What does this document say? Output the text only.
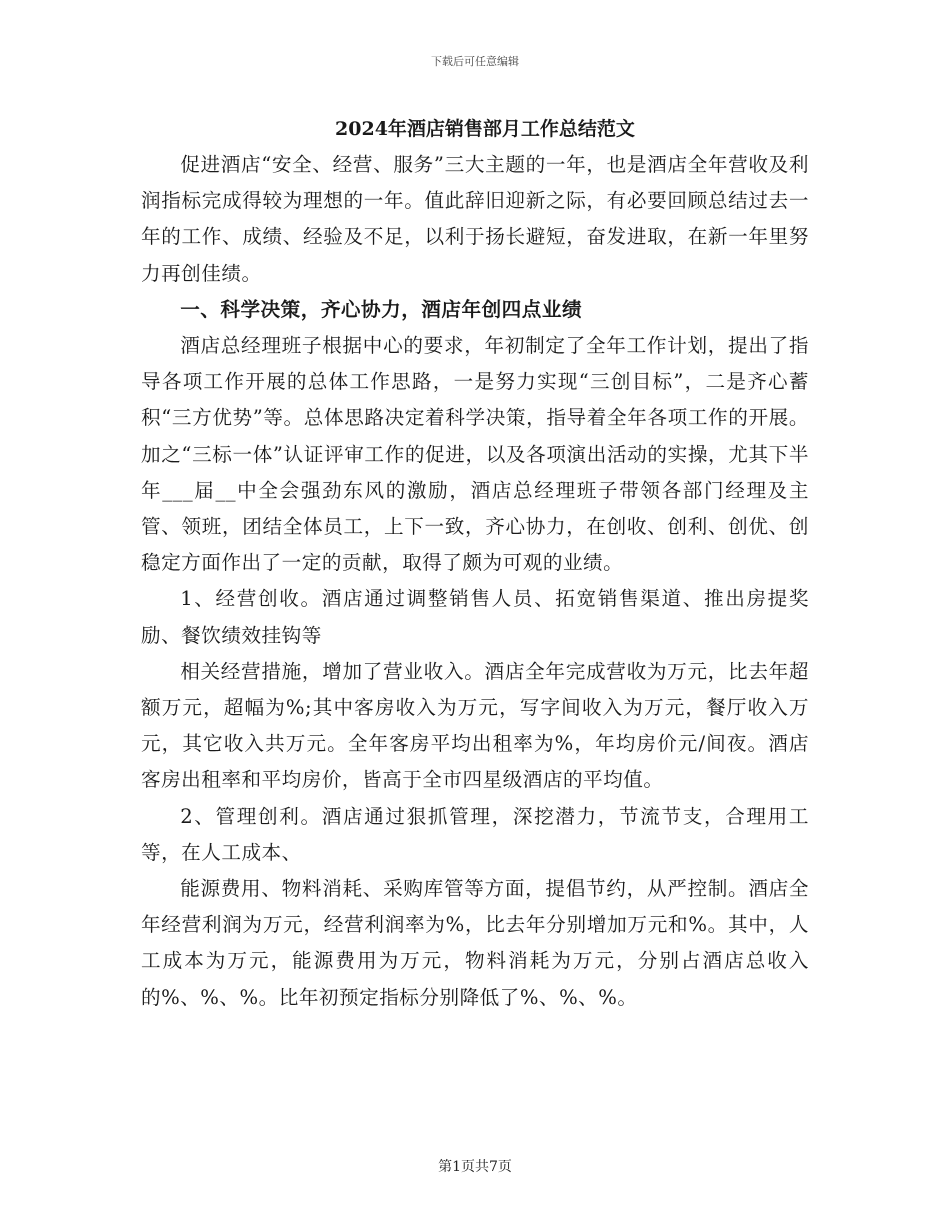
下载后可任意编辑
2024年酒店销售部月工作总结范文

促进酒店“安全、经营、服务”三大主题的一年，也是酒店全年营收及利润指标完成得较为理想的一年。值此辞旧迎新之际，有必要回顾总结过去一年的工作、成绩、经验及不足，以利于扬长避短，奋发进取，在新一年里努力再创佳绩。

一、科学决策，齐心协力，酒店年创四点业绩

酒店总经理班子根据中心的要求，年初制定了全年工作计划，提出了指导各项工作开展的总体工作思路，一是努力实现“三创目标”，二是齐心蓄积“三方优势”等。总体思路决定着科学决策，指导着全年各项工作的开展。加之“三标一体”认证评审工作的促进，以及各项演出活动的实操，尤其下半年___届__中全会强劲东风的激励，酒店总经理班子带领各部门经理及主管、领班，团结全体员工，上下一致，齐心协力，在创收、创利、创优、创稳定方面作出了一定的贡献，取得了颇为可观的业绩。

1、经营创收。酒店通过调整销售人员、拓宽销售渠道、推出房提奖励、餐饮绩效挂钩等

相关经营措施，增加了营业收入。酒店全年完成营收为万元，比去年超额万元，超幅为%;其中客房收入为万元，写字间收入为万元，餐厅收入万元，其它收入共万元。全年客房平均出租率为%，年均房价元/间夜。酒店客房出租率和平均房价，皆高于全市四星级酒店的平均值。

2、管理创利。酒店通过狠抓管理，深挖潜力，节流节支，合理用工等，在人工成本、

能源费用、物料消耗、采购库管等方面，提倡节约，从严控制。酒店全年经营利润为万元，经营利润率为%，比去年分别增加万元和%。其中，人工成本为万元，能源费用为万元，物料消耗为万元，分别占酒店总收入的%、%、%。比年初预定指标分别降低了%、%、%。

第1页共7页
